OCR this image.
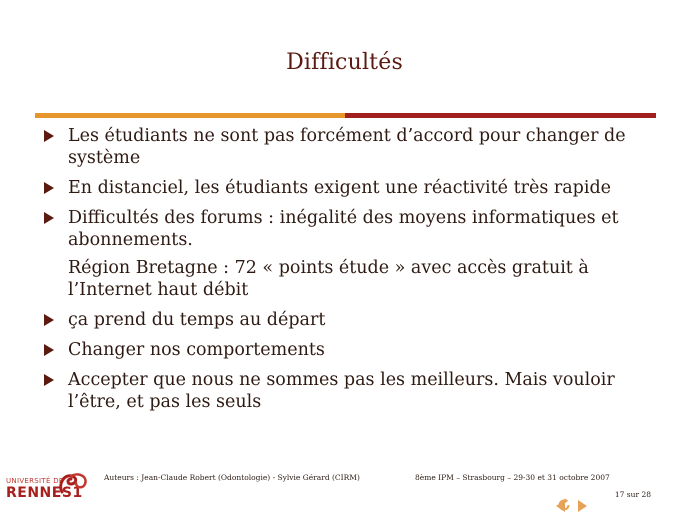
Difficultés
Les étudiants ne sont pas forcément d’accord pour changer de système
En distanciel, les étudiants exigent une réactivité très rapide
Difficultés des forums : inégalité des moyens informatiques et abonnements.
Région Bretagne : 72 « points étude » avec accès gratuit à l’Internet haut débit
ça prend du temps au départ
Changer nos comportements
Accepter que nous ne sommes pas les meilleurs. Mais vouloir l’être, et pas les seuls
UNIVERSITÉ DE
RENNES1
Auteurs : Jean-Claude Robert (Odontologie) - Sylvie Gérard (CIRM)	8ème IPM – Strasbourg – 29-30 et 31 octobre 2007
17 sur 28
